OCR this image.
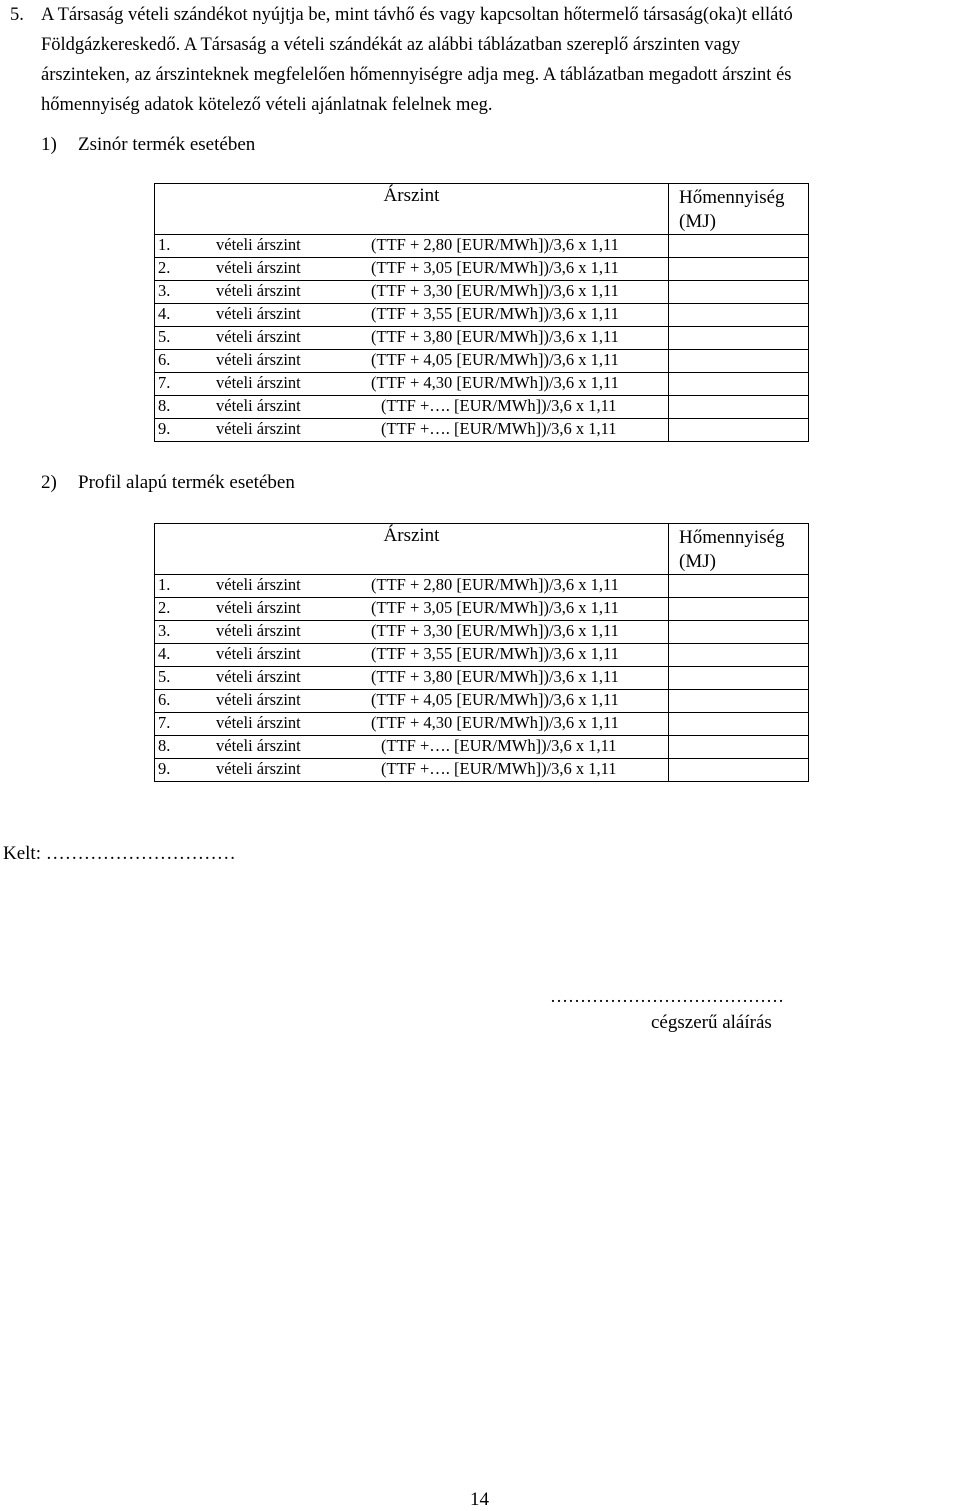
5. A Társaság vételi szándékot nyújtja be, mint távhő és vagy kapcsoltan hőtermelő társaság(oka)t ellátó
Földgázkereskedő. A Társaság a vételi szándékát az alábbi táblázatban szereplő árszinten vagy
árszinteken, az árszinteknek megfelelően hőmennyiségre adja meg. A táblázatban megadott árszint és
hőmennyiség adatok kötelező vételi ajánlatnak felelnek meg.
1) Zsinór termék esetében
Árszint	Hőmennyiség
(MJ)

1. vételi árszint (TTF + 2,80 [EUR/MWh])/3,6 x 1,11	

2. vételi árszint (TTF + 3,05 [EUR/MWh])/3,6 x 1,11	

3. vételi árszint (TTF + 3,30 [EUR/MWh])/3,6 x 1,11	

4. vételi árszint (TTF + 3,55 [EUR/MWh])/3,6 x 1,11	

5. vételi árszint (TTF + 3,80 [EUR/MWh])/3,6 x 1,11	

6. vételi árszint (TTF + 4,05 [EUR/MWh])/3,6 x 1,11	

7. vételi árszint (TTF + 4,30 [EUR/MWh])/3,6 x 1,11	

8. vételi árszint (TTF +…. [EUR/MWh])/3,6 x 1,11	

9. vételi árszint (TTF +…. [EUR/MWh])/3,6 x 1,11	

2) Profil alapú termék esetében
Árszint	Hőmennyiség
(MJ)

1. vételi árszint (TTF + 2,80 [EUR/MWh])/3,6 x 1,11	

2. vételi árszint (TTF + 3,05 [EUR/MWh])/3,6 x 1,11	

3. vételi árszint (TTF + 3,30 [EUR/MWh])/3,6 x 1,11	

4. vételi árszint (TTF + 3,55 [EUR/MWh])/3,6 x 1,11	

5. vételi árszint (TTF + 3,80 [EUR/MWh])/3,6 x 1,11	

6. vételi árszint (TTF + 4,05 [EUR/MWh])/3,6 x 1,11	

7. vételi árszint (TTF + 4,30 [EUR/MWh])/3,6 x 1,11	

8. vételi árszint (TTF +…. [EUR/MWh])/3,6 x 1,11	

9. vételi árszint (TTF +…. [EUR/MWh])/3,6 x 1,11	

Kelt: …………………………
…………………………………
cégszerű aláírás
14
